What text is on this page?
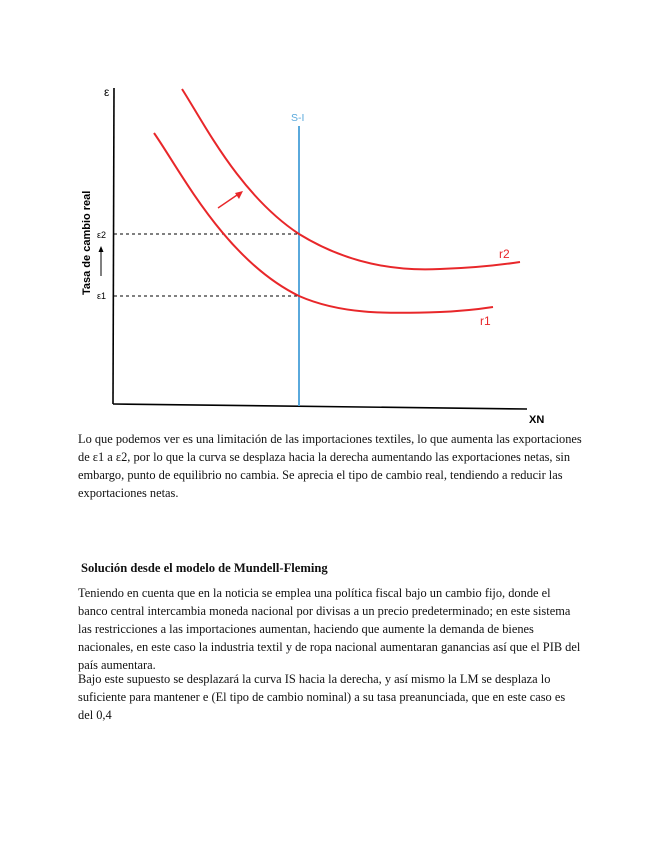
ε
Tasa de cambio real
XN
ε2
ε1
S-I
r2
r1

Lo que podemos ver es una limitación de las importaciones textiles, lo que aumenta las exportaciones de ε1 a ε2, por lo que la curva se desplaza hacia la derecha aumentando las exportaciones netas, sin embargo, punto de equilibrio no cambia. Se aprecia el tipo de cambio real, tendiendo a reducir las exportaciones netas.

Solución desde el modelo de Mundell-Fleming

Teniendo en cuenta que en la noticia se emplea una política fiscal bajo un cambio fijo, donde el banco central intercambia moneda nacional por divisas a un precio predeterminado; en este sistema las restricciones a las importaciones aumentan, haciendo que aumente la demanda de bienes nacionales, en este caso la industria textil y de ropa nacional aumentaran ganancias así que el PIB del país aumentara.

Bajo este supuesto se desplazará la curva IS hacia la derecha, y así mismo la LM se desplaza lo suficiente para mantener e (El tipo de cambio nominal) a su tasa preanunciada, que en este caso es del 0,4
